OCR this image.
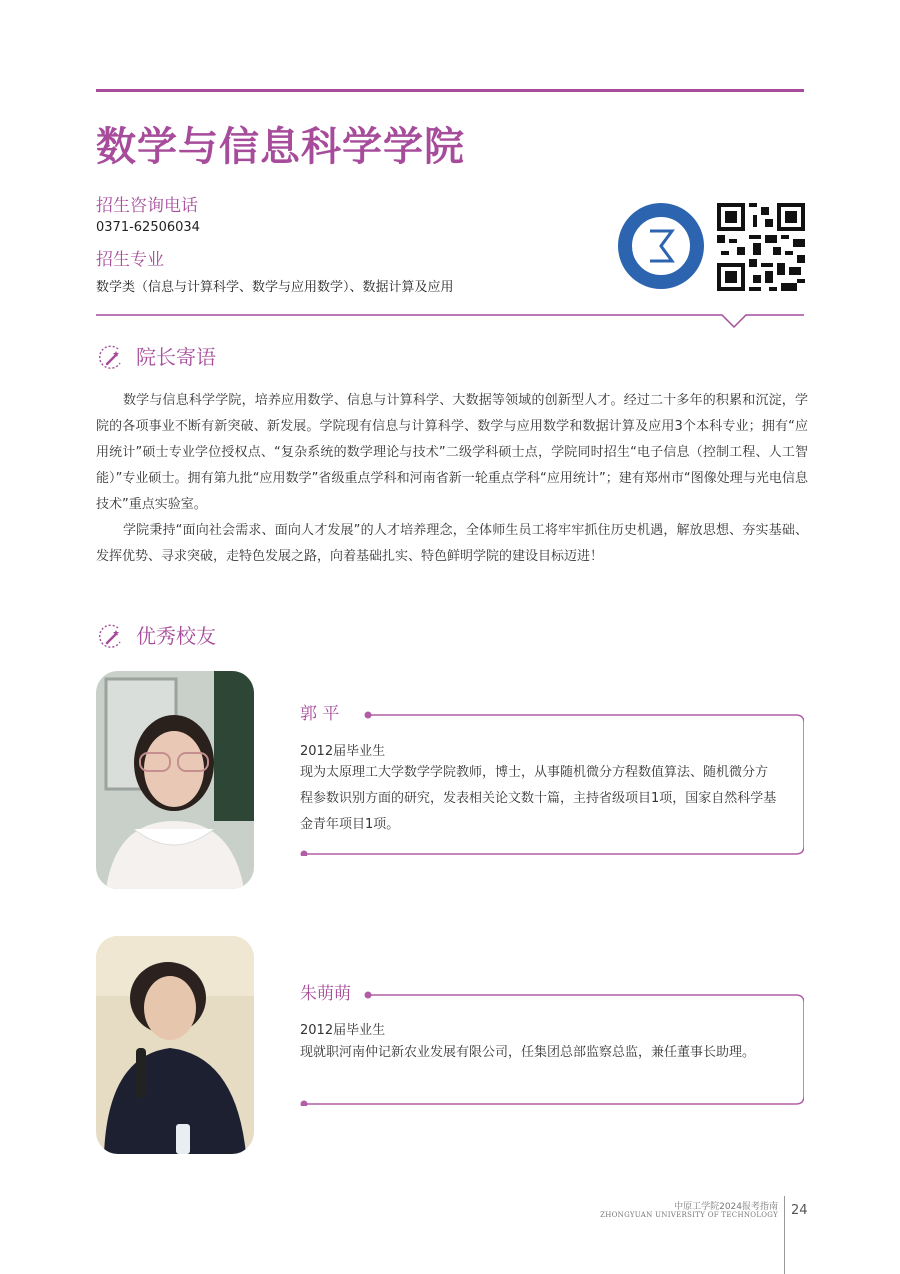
数学与信息科学学院
招生咨询电话
0371-62506034
招生专业
数学类（信息与计算科学、数学与应用数学）、数据计算及应用
院长寄语

数学与信息科学学院，培养应用数学、信息与计算科学、大数据等领域的创新型人才。经过二十多年的积累和沉淀，学院的各项事业不断有新突破、新发展。学院现有信息与计算科学、数学与应用数学和数据计算及应用3个本科专业；拥有“应用统计”硕士专业学位授权点、“复杂系统的数学理论与技术”二级学科硕士点，学院同时招生“电子信息（控制工程、人工智能）”专业硕士。拥有第九批“应用数学”省级重点学科和河南省新一轮重点学科“应用统计”；建有郑州市“图像处理与光电信息技术”重点实验室。

学院秉持“面向社会需求、面向人才发展”的人才培养理念，全体师生员工将牢牢抓住历史机遇，解放思想、夯实基础、发挥优势、寻求突破，走特色发展之路，向着基础扎实、特色鲜明学院的建设目标迈进！

优秀校友
郭 平
2012届毕业生

现为太原理工大学数学学院教师，博士，从事随机微分方程数值算法、随机微分方程参数识别方面的研究，发表相关论文数十篇，主持省级项目1项，国家自然科学基金青年项目1项。

朱萌萌
2012届毕业生

现就职河南仲记新农业发展有限公司，任集团总部监察总监，兼任董事长助理。

中原工学院2024报考指南
ZHONGYUAN UNIVERSITY OF TECHNOLOGY 24
